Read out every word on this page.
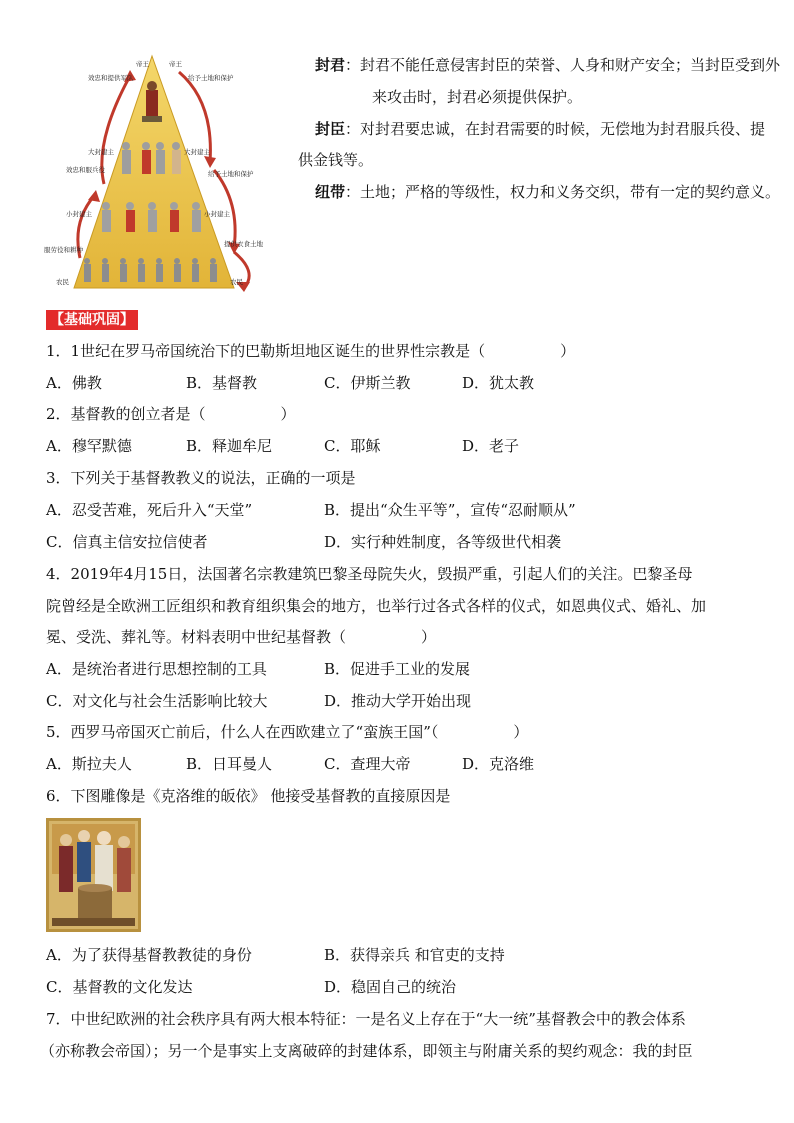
帝王	帝王
效忠和提供军队	给予土地和保护
大封建主	大封建主
效忠和服兵役	给予土地和保护
小封建主	小封建主
服劳役和耕种
提供衣食土地
农民	农民
封君：封君不能任意侵害封臣的荣誉、人身和财产安全；当封臣受到外
来攻击时，封君必须提供保护。
封臣：对封君要忠诚，在封君需要的时候，无偿地为封君服兵役、提
供金钱等。
纽带：土地；严格的等级性，权力和义务交织，带有一定的契约意义。
【基础巩固】
1．1世纪在罗马帝国统治下的巴勒斯坦地区诞生的世界性宗教是（　　　　　）
A．佛教	B．基督教	C．伊斯兰教	D．犹太教
2．基督教的创立者是（　　　　　）
A．穆罕默德	B．释迦牟尼	C．耶稣	D．老子
3．下列关于基督教教义的说法，正确的一项是
A．忍受苦难，死后升入“天堂”	B．提出“众生平等”，宣传“忍耐顺从”
C．信真主信安拉信使者	D．实行种姓制度，各等级世代相袭
4．2019年4月15日，法国著名宗教建筑巴黎圣母院失火，毁损严重，引起人们的关注。巴黎圣母
院曾经是全欧洲工匠组织和教育组织集会的地方，也举行过各式各样的仪式，如恩典仪式、婚礼、加
冕、受洗、葬礼等。材料表明中世纪基督教（　　　　　）
A．是统治者进行思想控制的工具	B．促进手工业的发展
C．对文化与社会生活影响比较大	D．推动大学开始出现
5．西罗马帝国灭亡前后，什么人在西欧建立了“蛮族王国”（　　　　　）
A．斯拉夫人	B．日耳曼人	C．查理大帝	D．克洛维
6．下图雕像是《克洛维的皈依》 他接受基督教的直接原因是
A．为了获得基督教教徒的身份	B．获得亲兵 和官吏的支持
C．基督教的文化发达	D．稳固自己的统治
7．中世纪欧洲的社会秩序具有两大根本特征：一是名义上存在于“大一统”基督教会中的教会体系
（亦称教会帝国）；另一个是事实上支离破碎的封建体系，即领主与附庸关系的契约观念：我的封臣
